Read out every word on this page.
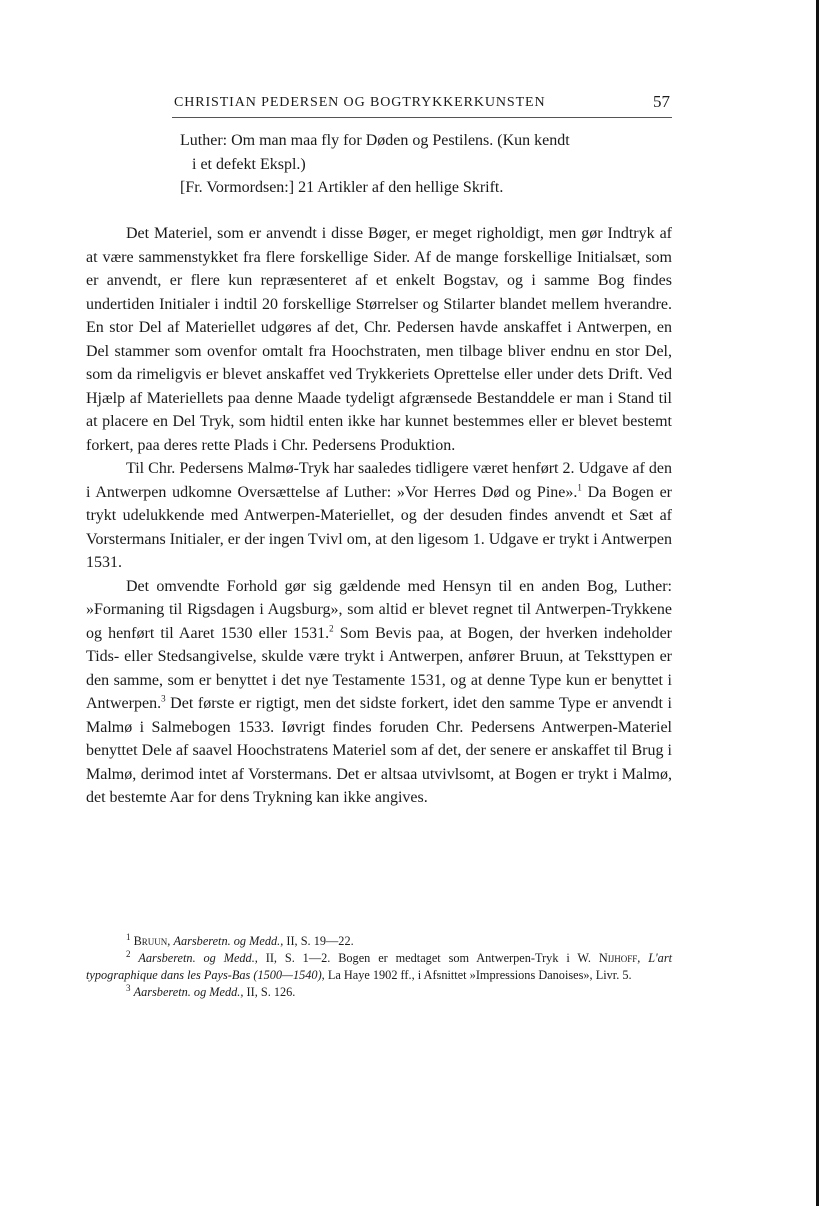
CHRISTIAN PEDERSEN OG BOGTRYKKERKUNSTEN	57

Luther: Om man maa fly for Døden og Pestilens. (Kun kendt

i et defekt Ekspl.)

[Fr. Vormordsen:] 21 Artikler af den hellige Skrift.

Det Materiel, som er anvendt i disse Bøger, er meget righoldigt, men gør Indtryk af at være sammenstykket fra flere forskellige Sider. Af de mange forskellige Initialsæt, som er anvendt, er flere kun repræsenteret af et enkelt Bogstav, og i samme Bog findes undertiden Initialer i indtil 20 forskellige Størrelser og Stilarter blandet mellem hverandre. En stor Del af Materiellet udgøres af det, Chr. Pedersen havde anskaffet i Antwerpen, en Del stammer som ovenfor omtalt fra Hoochstraten, men tilbage bliver endnu en stor Del, som da rimeligvis er blevet anskaffet ved Trykkeriets Oprettelse eller under dets Drift. Ved Hjælp af Materiellets paa denne Maade tydeligt afgrænsede Bestanddele er man i Stand til at placere en Del Tryk, som hidtil enten ikke har kunnet bestemmes eller er blevet bestemt forkert, paa deres rette Plads i Chr. Pedersens Produktion.

Til Chr. Pedersens Malmø-Tryk har saaledes tidligere været henført 2. Udgave af den i Antwerpen udkomne Oversættelse af Luther: »Vor Herres Død og Pine».$^1$ Da Bogen er trykt udelukkende med Antwerpen-Materiellet, og der desuden findes anvendt et Sæt af Vorstermans Initialer, er der ingen Tvivl om, at den ligesom 1. Udgave er trykt i Antwerpen 1531.

Det omvendte Forhold gør sig gældende med Hensyn til en anden Bog, Luther: »Formaning til Rigsdagen i Augsburg», som altid er blevet regnet til Antwerpen-Trykkene og henført til Aaret 1530 eller 1531.$^2$ Som Bevis paa, at Bogen, der hverken indeholder Tids- eller Stedsangivelse, skulde være trykt i Antwerpen, anfører Bruun, at Teksttypen er den samme, som er benyttet i det nye Testamente 1531, og at denne Type kun er benyttet i Antwerpen.$^3$ Det første er rigtigt, men det sidste forkert, idet den samme Type er anvendt i Malmø i Salmebogen 1533. Iøvrigt findes foruden Chr. Pedersens Antwerpen-Materiel benyttet Dele af saavel Hoochstratens Materiel som af det, der senere er anskaffet til Brug i Malmø, derimod intet af Vorstermans. Det er altsaa utvivlsomt, at Bogen er trykt i Malmø, det bestemte Aar for dens Trykning kan ikke angives.

$^1$ Bruun, Aarsberetn. og Medd., II, S. 19—22.

$^2$ Aarsberetn. og Medd., II, S. 1—2. Bogen er medtaget som Antwerpen-Tryk i W. Nijhoff, L'art typographique dans les Pays-Bas (1500—1540), La Haye 1902 ff., i Afsnittet »Impressions Danoises», Livr. 5.

$^3$ Aarsberetn. og Medd., II, S. 126.
